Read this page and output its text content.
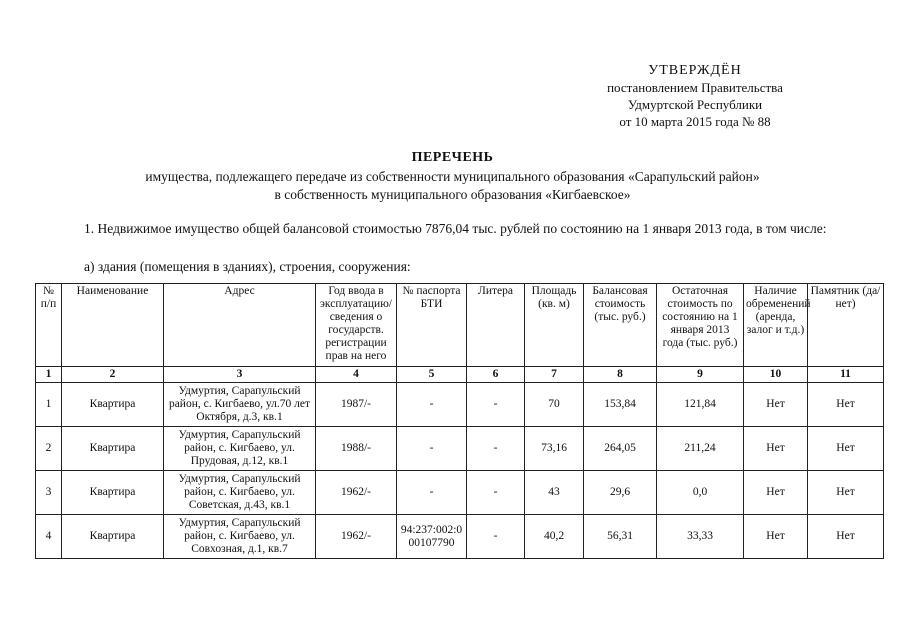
УТВЕРЖДЁН
постановлением Правительства
Удмуртской Республики
от 10 марта 2015 года № 88
ПЕРЕЧЕНЬ
имущества, подлежащего передаче из собственности муниципального образования «Сарапульский район»
в собственность муниципального образования «Кигбаевское»
1. Недвижимое имущество общей балансовой стоимостью 7876,04 тыс. рублей по состоянию на 1 января 2013 года, в том числе:
а) здания (помещения в зданиях), строения, сооружения:
№ п/п	Наименование	Адрес	Год ввода в эксплуатацию/сведения о государств. регистрации прав на него	№ паспорта БТИ	Литера	Площадь (кв. м)	Балансовая стоимость (тыс. руб.)	Остаточная стоимость по состоянию на 1 января 2013 года (тыс. руб.)	Наличие обременений (аренда, залог и т.д.)	Памятник (да/нет)
1	2	3	4	5	6	7	8	9	10	11
1	Квартира	Удмуртия, Сарапульский район, с. Кигбаево, ул.70 лет Октября, д.3, кв.1	1987/-	-	-	70	153,84	121,84	Нет	Нет
2	Квартира	Удмуртия, Сарапульский район, с. Кигбаево, ул. Прудовая, д.12, кв.1	1988/-	-	-	73,16	264,05	211,24	Нет	Нет
3	Квартира	Удмуртия, Сарапульский район, с. Кигбаево, ул. Советская, д.43, кв.1	1962/-	-	-	43	29,6	0,0	Нет	Нет
4	Квартира	Удмуртия, Сарапульский район, с. Кигбаево, ул. Совхозная, д.1, кв.7	1962/-	94:237:002:000107790	-	40,2	56,31	33,33	Нет	Нет
